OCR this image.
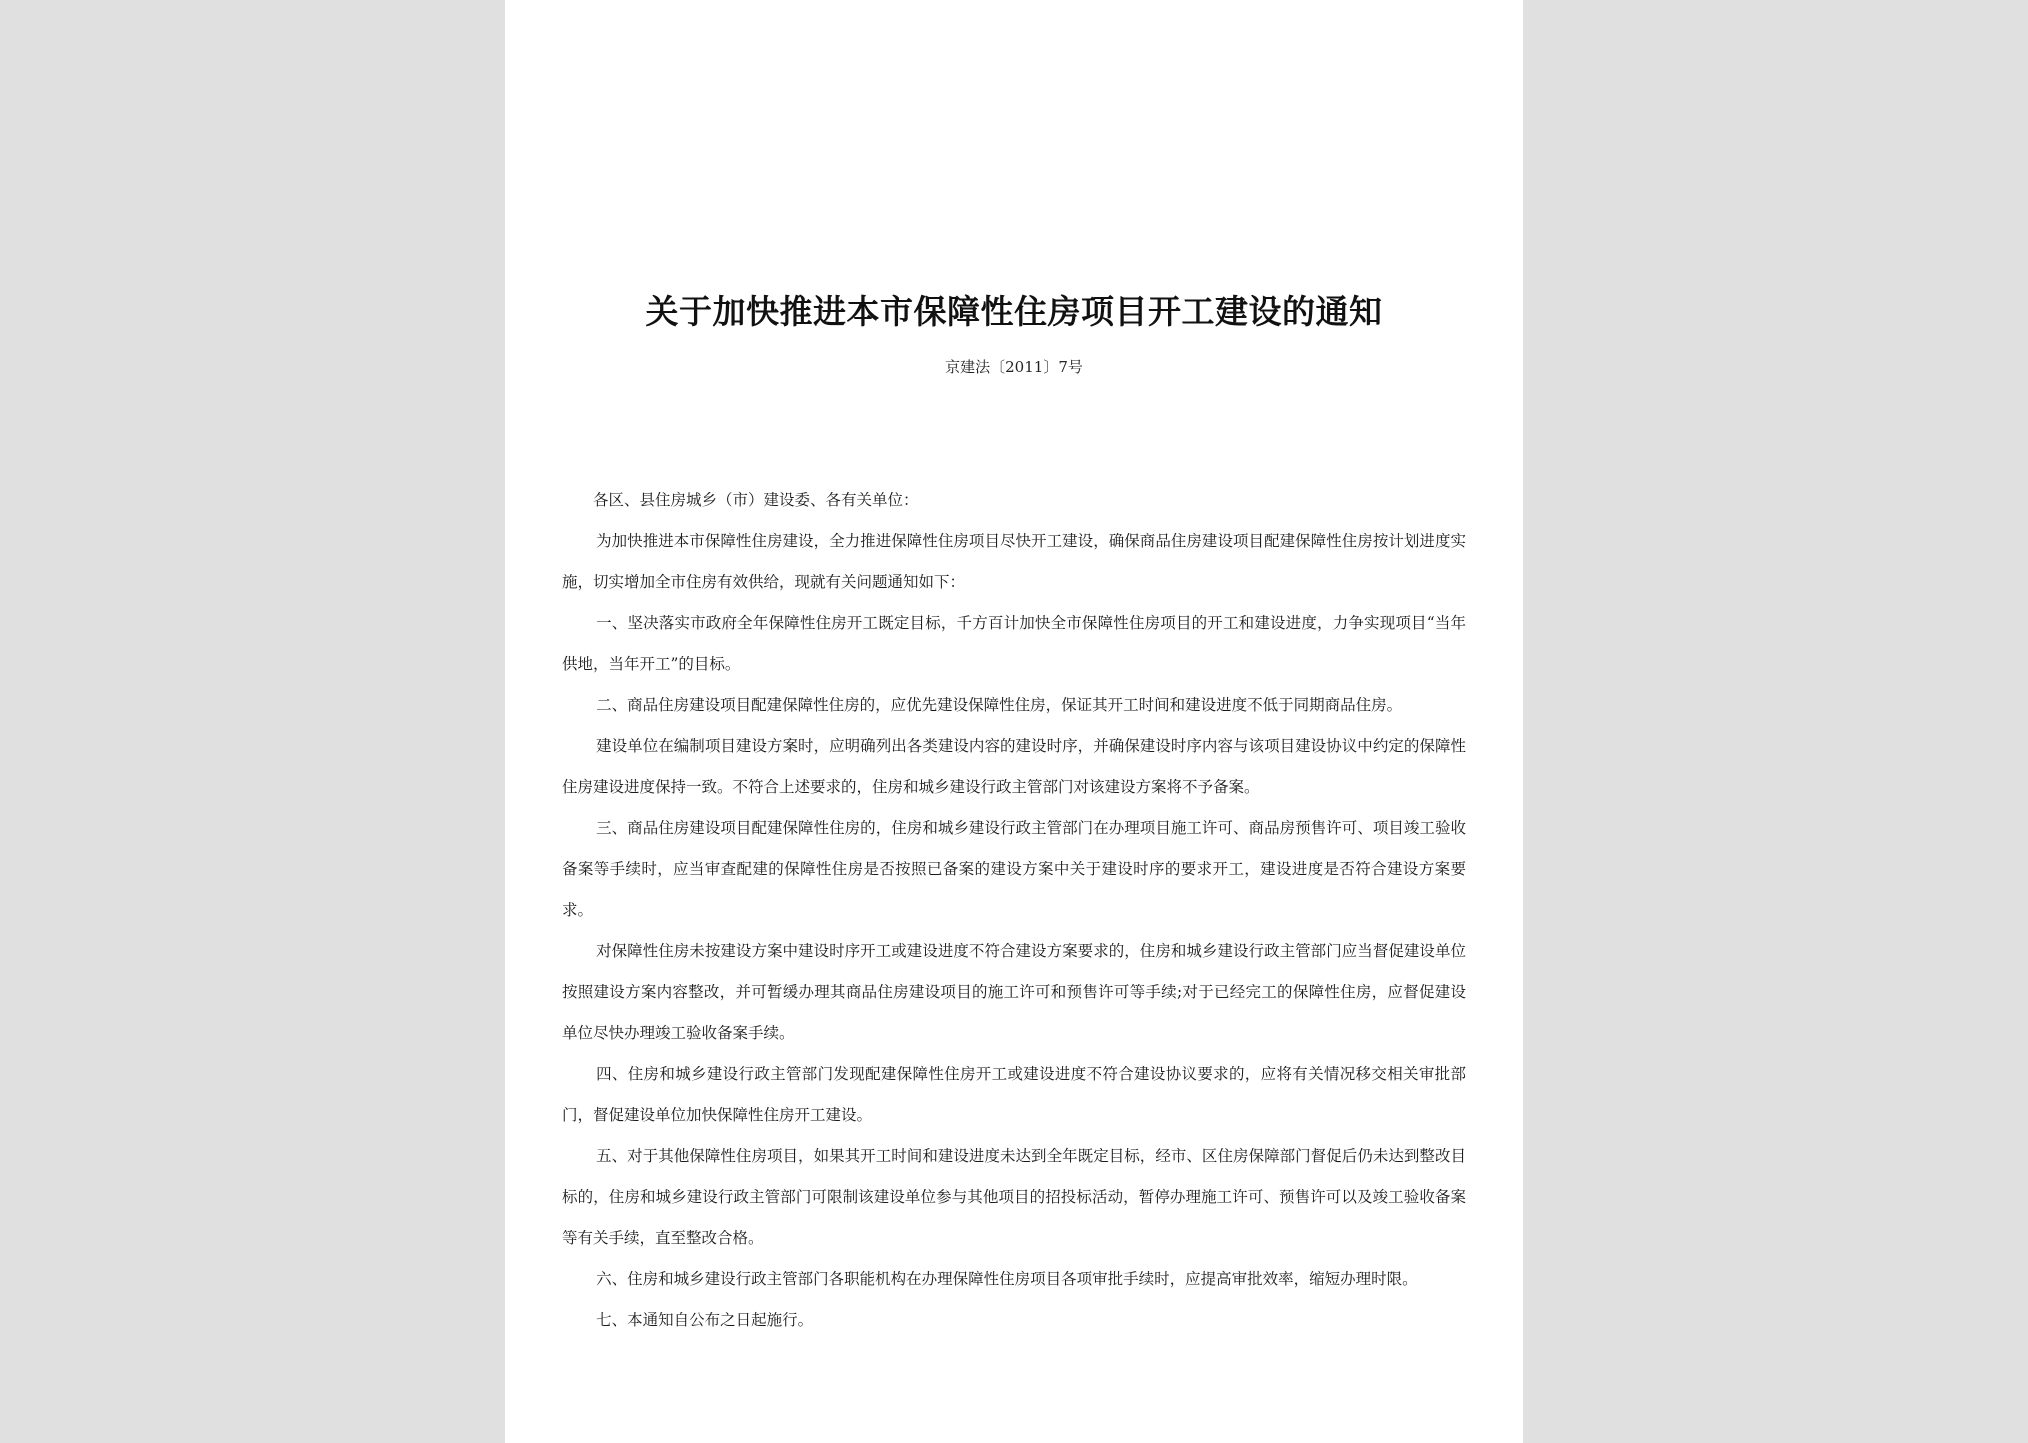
关于加快推进本市保障性住房项目开工建设的通知
京建法〔2011〕7号

各区、县住房城乡（市）建设委、各有关单位：

为加快推进本市保障性住房建设，全力推进保障性住房项目尽快开工建设，确保商品住房建设项目配建保障性住房按计划进度实施，切实增加全市住房有效供给，现就有关问题通知如下：

一、坚决落实市政府全年保障性住房开工既定目标，千方百计加快全市保障性住房项目的开工和建设进度，力争实现项目“当年供地，当年开工”的目标。

二、商品住房建设项目配建保障性住房的，应优先建设保障性住房，保证其开工时间和建设进度不低于同期商品住房。

建设单位在编制项目建设方案时，应明确列出各类建设内容的建设时序，并确保建设时序内容与该项目建设协议中约定的保障性住房建设进度保持一致。不符合上述要求的，住房和城乡建设行政主管部门对该建设方案将不予备案。

三、商品住房建设项目配建保障性住房的，住房和城乡建设行政主管部门在办理项目施工许可、商品房预售许可、项目竣工验收备案等手续时，应当审查配建的保障性住房是否按照已备案的建设方案中关于建设时序的要求开工，建设进度是否符合建设方案要求。

对保障性住房未按建设方案中建设时序开工或建设进度不符合建设方案要求的，住房和城乡建设行政主管部门应当督促建设单位按照建设方案内容整改，并可暂缓办理其商品住房建设项目的施工许可和预售许可等手续;对于已经完工的保障性住房，应督促建设单位尽快办理竣工验收备案手续。

四、住房和城乡建设行政主管部门发现配建保障性住房开工或建设进度不符合建设协议要求的，应将有关情况移交相关审批部门，督促建设单位加快保障性住房开工建设。

五、对于其他保障性住房项目，如果其开工时间和建设进度未达到全年既定目标，经市、区住房保障部门督促后仍未达到整改目标的，住房和城乡建设行政主管部门可限制该建设单位参与其他项目的招投标活动，暂停办理施工许可、预售许可以及竣工验收备案等有关手续，直至整改合格。

六、住房和城乡建设行政主管部门各职能机构在办理保障性住房项目各项审批手续时，应提高审批效率，缩短办理时限。

七、本通知自公布之日起施行。
